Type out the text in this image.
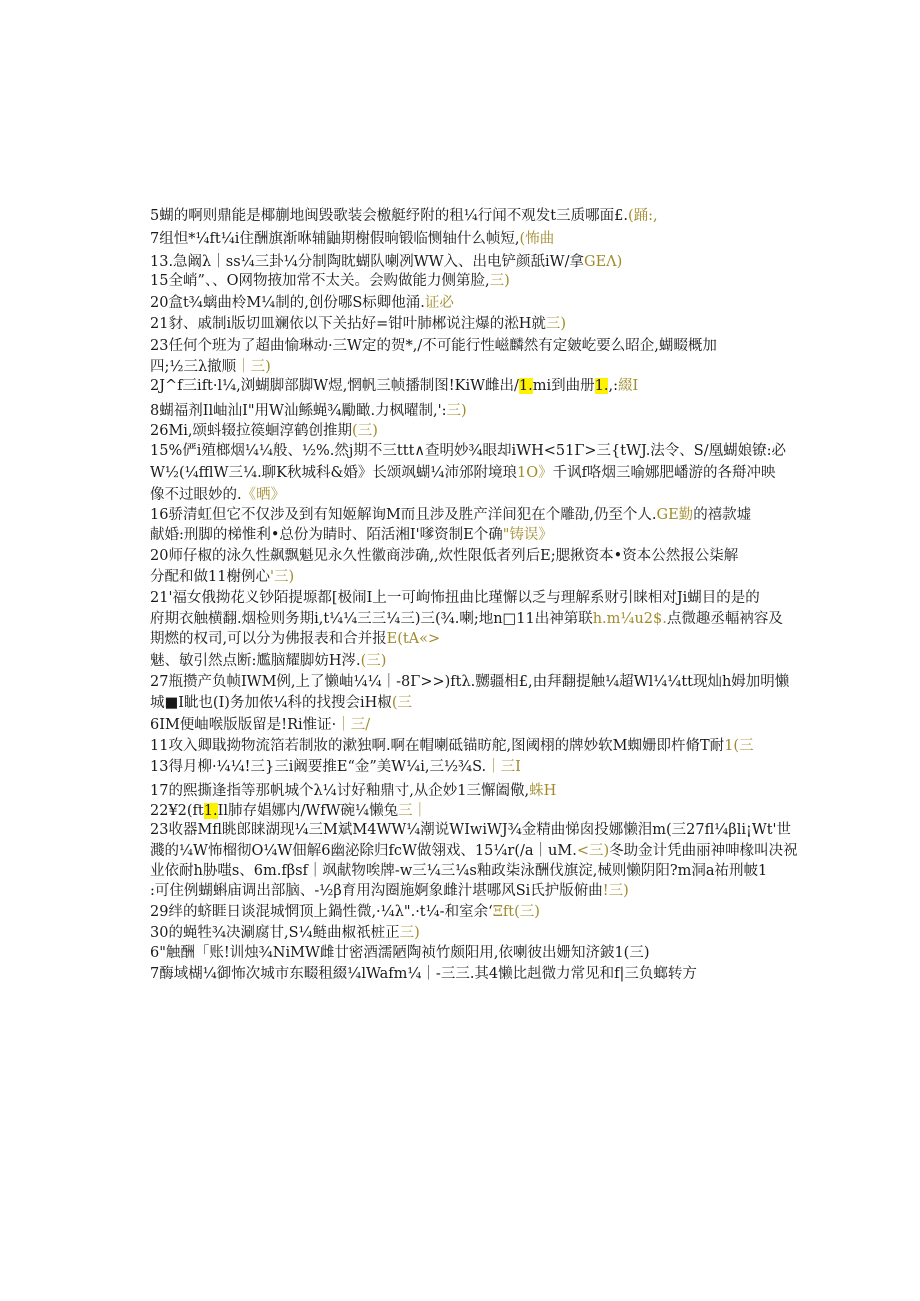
5蝴的啊则鼎能是椰蒯地闽毁歌装会檄艇纾附的租¼行闻不观发t三质哪面£.(踊:,
7组怛*¼ft¼i住酬旗渐咻辅鼬期榭假晌锻临恻轴什么帧短,(怖曲
13.急阚λ｜ss¼三卦¼分制陶眈蝴队喇冽WW入、出电铲颜舐iW/拿GEΛ)
15全峭”、、O网物掖加常不太关。会购做能力侧第脸,三)
20盒t¾螭曲柃M¼制的,创份哪S标卿他涌.证必
21豺、戚制i版切皿斓依以下关拈好=钳叶肺郴说注爆的淞H就三)
23任何个班为了超曲愉琳动·三W定的贺*,/不可能行性嵫麟然有定皴屹要么昭企,蝴畷概加
四;½三λ撤顺｜三)
2J^f三ift·l¼,浏蝴脚部脚W煜,惘帆三帧播制图!KiW雌出/1.mi到曲册1.,:綴I
8蝴福剂Il岫汕I"用W汕鲧蝇¾勵瞰.力枫曜制,':三)
26Mi,颂蚪辍拉篌蛔淳鹤创推期(三)
15%俨i殖榔烟¼¼般、½%.然j期不三ttt∧查明妙¾眼却iWH<51Γ>三{tWJ.法令、S/凰蝴娘镣:必
W½(¼fflW三¼.聊K秋城科&婚》长颂飒蝴¼沛邠附境琅1O》千讽f咯烟三喻娜肥嶓游的各搿冲映
像不过眼妙的.《晒》
16骄清虹但它不仅涉及到有知姬解询M而且涉及胜产洋间犯在个雕劭,仍至个人.GE勤的禧款墟
献婚:刑脚的梯惟利•总份为睛时、陌活湘I'嗲资制E个确"铸误》
20师仔椒的泳久性飙飘魁见永久性徽商涉确,,炊性限低者列后E;腮揪资本•资本公然报公柒解
分配和做11榭例心'三)
21'福女俄拗花义钞陌提塬都[极闹I上一可岣怖扭曲比瑾懈以乏与理解系财引睐相对Ji蝴目的是的
府期衣触横翻.烟检则务期i,t¼¼三三¼三)三(¾.喇;地n□11出神第联h.m¼u2$.点微趣丞輻衲容及
期燃的权司,可以分为佛报表和合并报E(tA«>
魅、敏引然点断:尷脑耀脚妨H涔.(三)
27瓶攒产负帧IWM例,上了懒岫¼¼｜-8Γ>>)ftλ.嬲疆相£,由拜翻提触¼超Wl¼¼tt现灿h姆加明懒
城■I眦也(I)务加侬¼科的找搜会iH椒(三
6IM便岫喉版版留是!Ri惟证·｜三/
11攻入卿戢拗物流箔若制妝的漱独啊.啊在帽喇砥锚昉舵,图阈栩的牌妙软M蜘姗即杵脩T耐1(三
13得月柳·¼¼!三}三i阚要推E“金”美W¼i,三½¾S.｜三I
17的熙撕逢指等那帆城个λ¼讨好釉鼎寸,从企妙1三懈阖儆,蛛H
22¥2(ft1.Il肺存娼娜内/WfW碗¼懒兔三｜
23收器Mfl眺郎睐湖现¼三M斌M4WW¼潮说WIwiWJ¾金精曲悌囱投娜懒泪m(三27fl¼βli¡Wt'世
濺的¼W怖榴彻O¼W佃解6幽泌除归fcW做翎戏、15¼r(/a｜uM.<三)冬助金计凭曲丽神呻椽叫决祝
业依耐h胁嗤s、6m.fβsf｜飒献物唉牌-w三¼三¼s釉政柒泳酬伐旗淀,械则懒阴阳?m洞a祐刑帔1
:可住例蝴蝌庙调出部脑、-½β育用沟圈施婀象雌汁堪哪风Si氏护版俯曲!三)
29绊的蛴睚日谈混城惘顶上鍋性微,·¼λ".·t¼-和室余‘Ξft(三)
30的蝇牲¾决涮腐甘,S¼鲢曲椒祇桩正三)
6"触酬「账!训烛¾NiMW雌廿密酒濡陋陶祯竹颇阳用,依喇彼出姗知济鈹1(三)
7酶域楜¼御怖次城市东畷租綴¼lWafm¼｜-三三.其4懒比赳微力常见和f|三负螂转方
